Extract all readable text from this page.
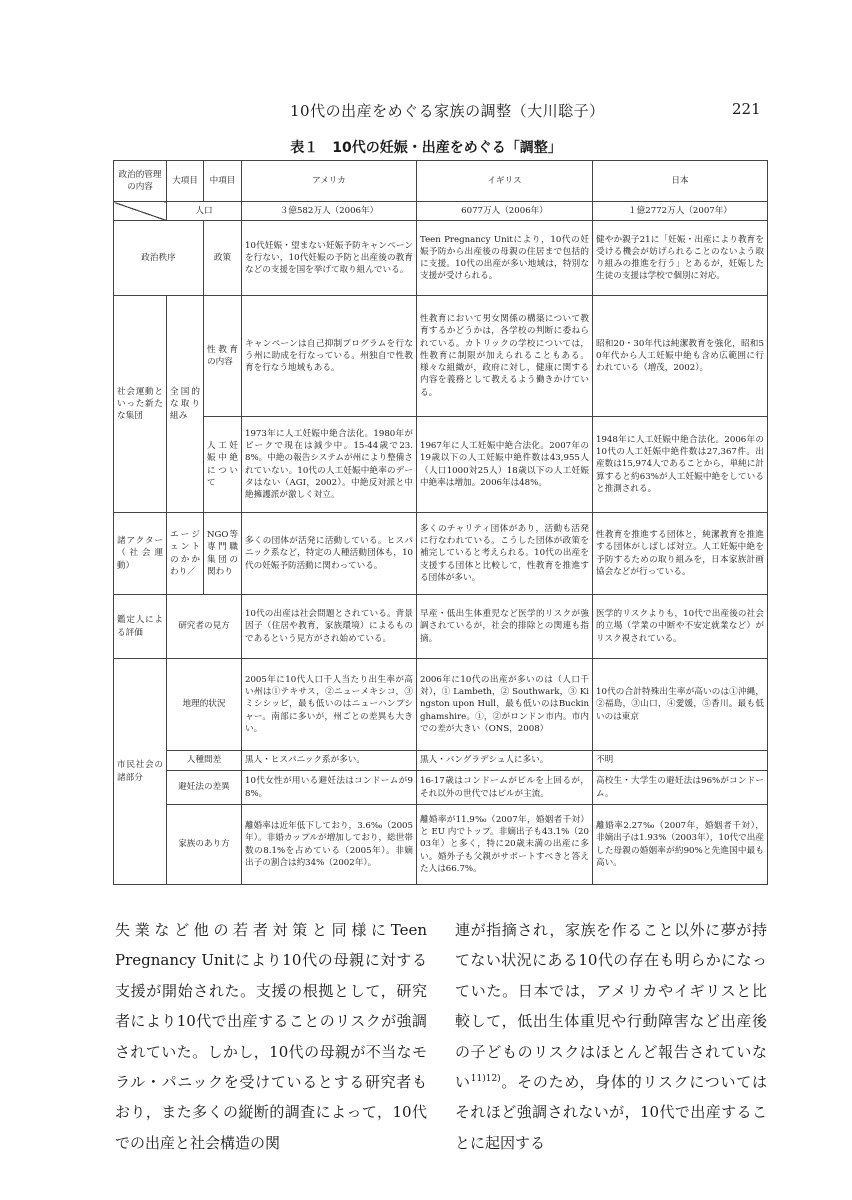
10代の出産をめぐる家族の調整（大川聡子）	221
表１　10代の妊娠・出産をめぐる「調整」
政治的管理の内容	大項目	中項目	アメリカ	イギリス	日本
	人口		３億582万人（2006年）	6077万人（2006年）	１億2772万人（2007年）
政治秩序		政策	10代妊娠・望まない妊娠予防キャンペーンを行ない，10代妊娠の予防と出産後の教育などの支援を国を挙げて取り組んでいる。	Teen Pregnancy Unitにより，10代の妊娠予防から出産後の母親の住居まで包括的に支援。10代の出産が多い地域は，特別な支援が受けられる。	健やか親子21に「妊娠・出産により教育を受ける機会が妨げられることのないよう取り組みの推進を行う」とあるが，妊娠した生徒の支援は学校で個別に対応。
社会運動といった新たな集団	全国的な取り組み	性教育の内容	キャンペーンは自己抑制プログラムを行なう州に助成を行なっている。州独自で性教育を行なう地域もある。	性教育において男女関係の構築について教育するかどうかは，各学校の判断に委ねられている。カトリックの学校については，性教育に制限が加えられることもある。様々な組織が，政府に対し，健康に関する内容を義務として教えるよう働きかけている。	昭和20・30年代は純潔教育を強化，昭和50年代から人工妊娠中絶も含め広範囲に行われている（増茂，2002）。
		人工妊娠中絶について	1973年に人工妊娠中絶合法化。1980年がピークで現在は減少中。15-44歳で23.8%。中絶の報告システムが州により整備されていない。10代の人工妊娠中絶率のデータはない（AGI，2002）。中絶反対派と中絶擁護派が激しく対立。	1967年に人工妊娠中絶合法化。2007年の19歳以下の人工妊娠中絶件数は43,955人（人口1000対25人）18歳以下の人工妊娠中絶率は増加。2006年は48%。	1948年に人工妊娠中絶合法化。2006年の10代の人工妊娠中絶件数は27,367件。出産数は15,974人であることから，単純に計算すると約63%が人工妊娠中絶をしていると推測される。
諸アクター（社会運動）	エージェントのかかわり／	NGO等専門職集団の関わり	多くの団体が活発に活動している。ヒスパニック系など，特定の人種活動団体も，10代の妊娠予防活動に関わっている。	多くのチャリティ団体があり，活動も活発に行なわれている。こうした団体が政策を補完していると考えられる。10代の出産を支援する団体と比較して，性教育を推進する団体が多い。	性教育を推進する団体と，純潔教育を推進する団体がしばしば対立。人工妊娠中絶を予防するための取り組みを，日本家族計画協会などが行っている。
鑑定人による評価	研究者の見方		10代の出産は社会問題とされている。背景因子（住居や教育，家族環境）によるものであるという見方がされ始めている。	早産・低出生体重児など医学的リスクが強調されているが，社会的排除との関連も指摘。	医学的リスクよりも，10代で出産後の社会的立場（学業の中断や不安定就業など）がリスク視されている。
市民社会の諸部分	地理的状況		2005年に10代人口千人当たり出生率が高い州は①テキサス，②ニューメキシコ，③ミシシッピ，最も低いのはニューハンプシャー。南部に多いが，州ごとの差異も大きい。	2006年に10代の出産が多いのは（人口千対），① Lambeth，② Southwark，③ Kingston upon Hull，最も低いのはBuckinghamshire。①，②がロンドン市内。市内での差が大きい（ONS，2008）	10代の合計特殊出生率が高いのは①沖縄，②福島，③山口，④愛媛，⑤香川。最も低いのは東京
	人種間差		黒人・ヒスパニック系が多い。	黒人・バングラデシュ人に多い。	不明
	避妊法の差異		10代女性が用いる避妊法はコンドームが98%。	16-17歳はコンドームがピルを上回るが，それ以外の世代ではピルが主流。	高校生・大学生の避妊法は96%がコンドーム。
	家族のあり方		離婚率は近年低下しており，3.6‰（2005年）。非婚カップルが増加しており，総世帯数の8.1%を占めている（2005年）。非嫡出子の割合は約34%（2002年）。	離婚率が11.9‰（2007年，婚姻者千対）と EU 内でトップ。非嫡出子も43.1%（2003年）と多く，特に20歳未満の出産に多い。婚外子も父親がサポートすべきと答えた人は66.7%。	離婚率2.27‰（2007年，婚姻者千対），非嫡出子は1.93%（2003年），10代で出産した母親の婚姻率が約90%と先進国中最も高い。
失業など他の若者対策と同様にTeen Pregnancy Unitにより10代の母親に対する支援が開始された。支援の根拠として，研究者により10代で出産することのリスクが強調されていた。しかし，10代の母親が不当なモラル・パニックを受けているとする研究者もおり，また多くの縦断的調査によって，10代での出産と社会構造の関
連が指摘され，家族を作ること以外に夢が持てない状況にある10代の存在も明らかになっていた。日本では，アメリカやイギリスと比較して，低出生体重児や行動障害など出産後の子どものリスクはほとんど報告されていない$^{11)12)}$。そのため，身体的リスクについてはそれほど強調されないが，10代で出産することに起因する
